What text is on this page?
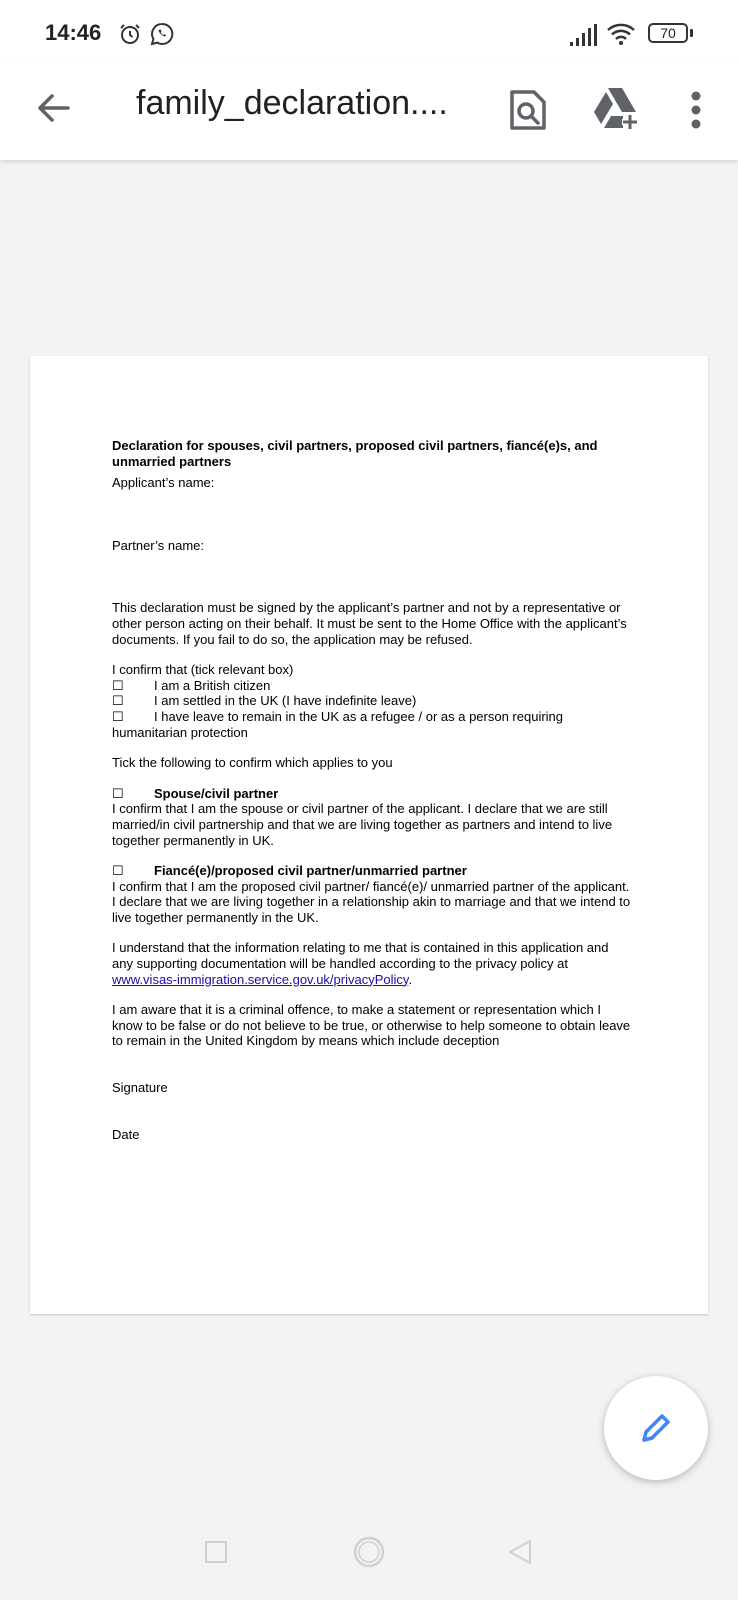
14:46	70
family_declaration....

Declaration for spouses, civil partners, proposed civil partners, fiancé(e)s, and unmarried partners

Applicant’s name:

Partner’s name:

This declaration must be signed by the applicant’s partner and not by a representative or other person acting on their behalf. It must be sent to the Home Office with the applicant’s documents. If you fail to do so, the application may be refused.

I confirm that (tick relevant box)

☐ I am a British citizen

☐ I am settled in the UK (I have indefinite leave)

☐ I have leave to remain in the UK as a refugee / or as a person requiring humanitarian protection

Tick the following to confirm which applies to you

☐ Spouse/civil partner

I confirm that I am the spouse or civil partner of the applicant. I declare that we are still married/in civil partnership and that we are living together as partners and intend to live together permanently in UK.

☐ Fiancé(e)/proposed civil partner/unmarried partner

I confirm that I am the proposed civil partner/ fiancé(e)/ unmarried partner of the applicant. I declare that we are living together in a relationship akin to marriage and that we intend to live together permanently in the UK.

I understand that the information relating to me that is contained in this application and any supporting documentation will be handled according to the privacy policy at www.visas-immigration.service.gov.uk/privacyPolicy.

I am aware that it is a criminal offence, to make a statement or representation which I know to be false or do not believe to be true, or otherwise to help someone to obtain leave to remain in the United Kingdom by means which include deception

Signature

Date
